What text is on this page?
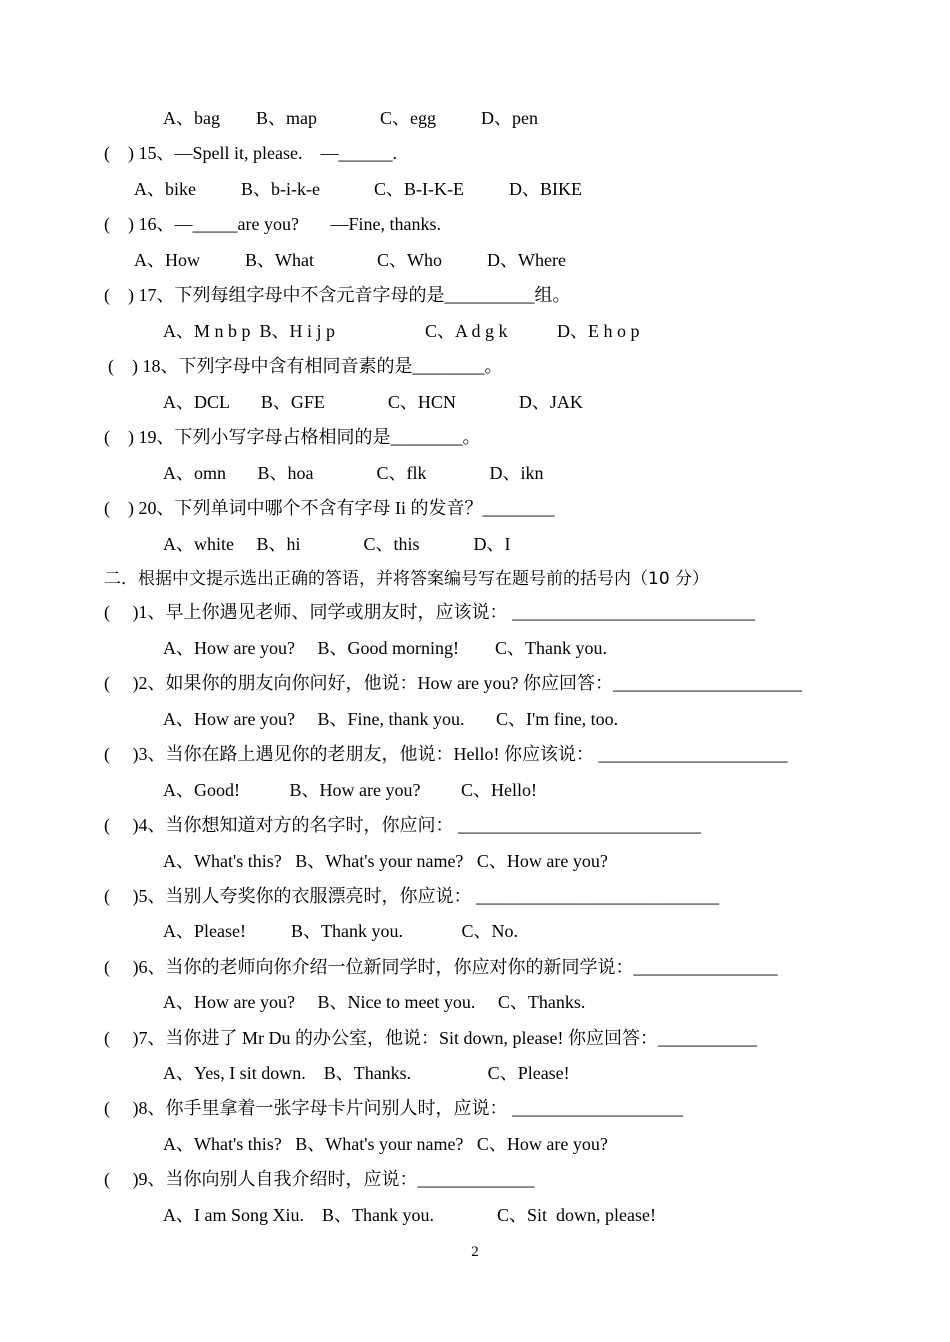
A、bag        B、map              C、egg          D、pen
(    ) 15、—Spell it, please.    —______.
A、bike          B、b-i-k-e            C、B-I-K-E          D、BIKE
(    ) 16、—_____are you?       —Fine, thanks.
A、How          B、What              C、Who          D、Where
(    ) 17、下列每组字母中不含元音字母的是__________组。
A、M n b p  B、H i j p                    C、A d g k           D、E h o p
(    ) 18、下列字母中含有相同音素的是________。
A、DCL       B、GFE              C、HCN              D、JAK
(    ) 19、下列小写字母占格相同的是________。
A、omn       B、hoa              C、flk              D、ikn
(    ) 20、下列单词中哪个不含有字母 Ii 的发音？________
A、white     B、hi              C、this            D、I
二．根据中文提示选出正确的答语，并将答案编号写在题号前的括号内（10 分）
(     )1、早上你遇见老师、同学或朋友时，应该说： ___________________________
A、How are you?     B、Good morning!        C、Thank you.
(     )2、如果你的朋友向你问好，他说：How are you? 你应回答：_____________________
A、How are you?     B、Fine, thank you.       C、I'm fine, too.
(     )3、当你在路上遇见你的老朋友，他说：Hello! 你应该说： _____________________
A、Good!           B、How are you?         C、Hello!
(     )4、当你想知道对方的名字时，你应问： ___________________________
A、What's this?   B、What's your name?   C、How are you?
(     )5、当别人夸奖你的衣服漂亮时，你应说： ___________________________
A、Please!          B、Thank you.             C、No.
(     )6、当你的老师向你介绍一位新同学时，你应对你的新同学说：________________
A、How are you?     B、Nice to meet you.     C、Thanks.
(     )7、当你进了 Mr Du 的办公室，他说：Sit down, please! 你应回答：___________
A、Yes, I sit down.    B、Thanks.                 C、Please!
(     )8、你手里拿着一张字母卡片问别人时，应说： ___________________
A、What's this?   B、What's your name?   C、How are you?
(     )9、当你向别人自我介绍时，应说：_____________
A、I am Song Xiu.    B、Thank you.              C、Sit  down, please!
2
